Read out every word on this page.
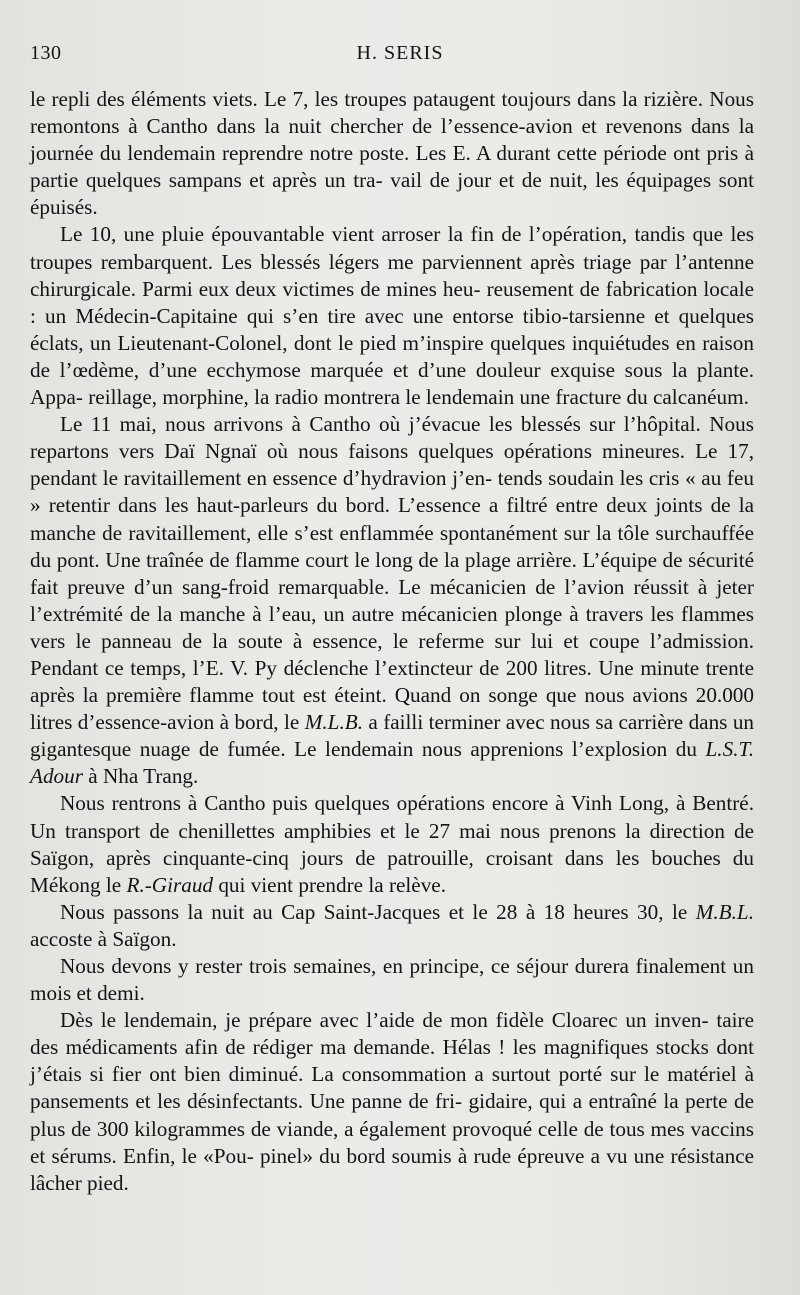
130	H. SERIS

le repli des éléments viets. Le 7, les troupes pataugent toujours dans la rizière. Nous remontons à Cantho dans la nuit chercher de l’essence-avion et revenons dans la journée du lendemain reprendre notre poste. Les E. A durant cette période ont pris à partie quelques sampans et après un tra- vail de jour et de nuit, les équipages sont épuisés.

Le 10, une pluie épouvantable vient arroser la fin de l’opération, tandis que les troupes rembarquent. Les blessés légers me parviennent après triage par l’antenne chirurgicale. Parmi eux deux victimes de mines heu- reusement de fabrication locale : un Médecin-Capitaine qui s’en tire avec une entorse tibio-tarsienne et quelques éclats, un Lieutenant-Colonel, dont le pied m’inspire quelques inquiétudes en raison de l’œdème, d’une ecchymose marquée et d’une douleur exquise sous la plante. Appa- reillage, morphine, la radio montrera le lendemain une fracture du calcanéum.

Le 11 mai, nous arrivons à Cantho où j’évacue les blessés sur l’hôpital. Nous repartons vers Daï Ngnaï où nous faisons quelques opérations mineures. Le 17, pendant le ravitaillement en essence d’hydravion j’en- tends soudain les cris « au feu » retentir dans les haut-parleurs du bord. L’essence a filtré entre deux joints de la manche de ravitaillement, elle s’est enflammée spontanément sur la tôle surchauffée du pont. Une traînée de flamme court le long de la plage arrière. L’équipe de sécurité fait preuve d’un sang-froid remarquable. Le mécanicien de l’avion réussit à jeter l’extrémité de la manche à l’eau, un autre mécanicien plonge à travers les flammes vers le panneau de la soute à essence, le referme sur lui et coupe l’admission. Pendant ce temps, l’E. V. Py déclenche l’extincteur de 200 litres. Une minute trente après la première flamme tout est éteint. Quand on songe que nous avions 20.000 litres d’essence-avion à bord, le M.L.B. a failli terminer avec nous sa carrière dans un gigantesque nuage de fumée. Le lendemain nous apprenions l’explosion du L.S.T. Adour à Nha Trang.

Nous rentrons à Cantho puis quelques opérations encore à Vinh Long, à Bentré. Un transport de chenillettes amphibies et le 27 mai nous prenons la direction de Saïgon, après cinquante-cinq jours de patrouille, croisant dans les bouches du Mékong le R.-Giraud qui vient prendre la relève.

Nous passons la nuit au Cap Saint-Jacques et le 28 à 18 heures 30, le M.B.L. accoste à Saïgon.

Nous devons y rester trois semaines, en principe, ce séjour durera finalement un mois et demi.

Dès le lendemain, je prépare avec l’aide de mon fidèle Cloarec un inven- taire des médicaments afin de rédiger ma demande. Hélas ! les magnifiques stocks dont j’étais si fier ont bien diminué. La consommation a surtout porté sur le matériel à pansements et les désinfectants. Une panne de fri- gidaire, qui a entraîné la perte de plus de 300 kilogrammes de viande, a également provoqué celle de tous mes vaccins et sérums. Enfin, le «Pou- pinel» du bord soumis à rude épreuve a vu une résistance lâcher pied.
